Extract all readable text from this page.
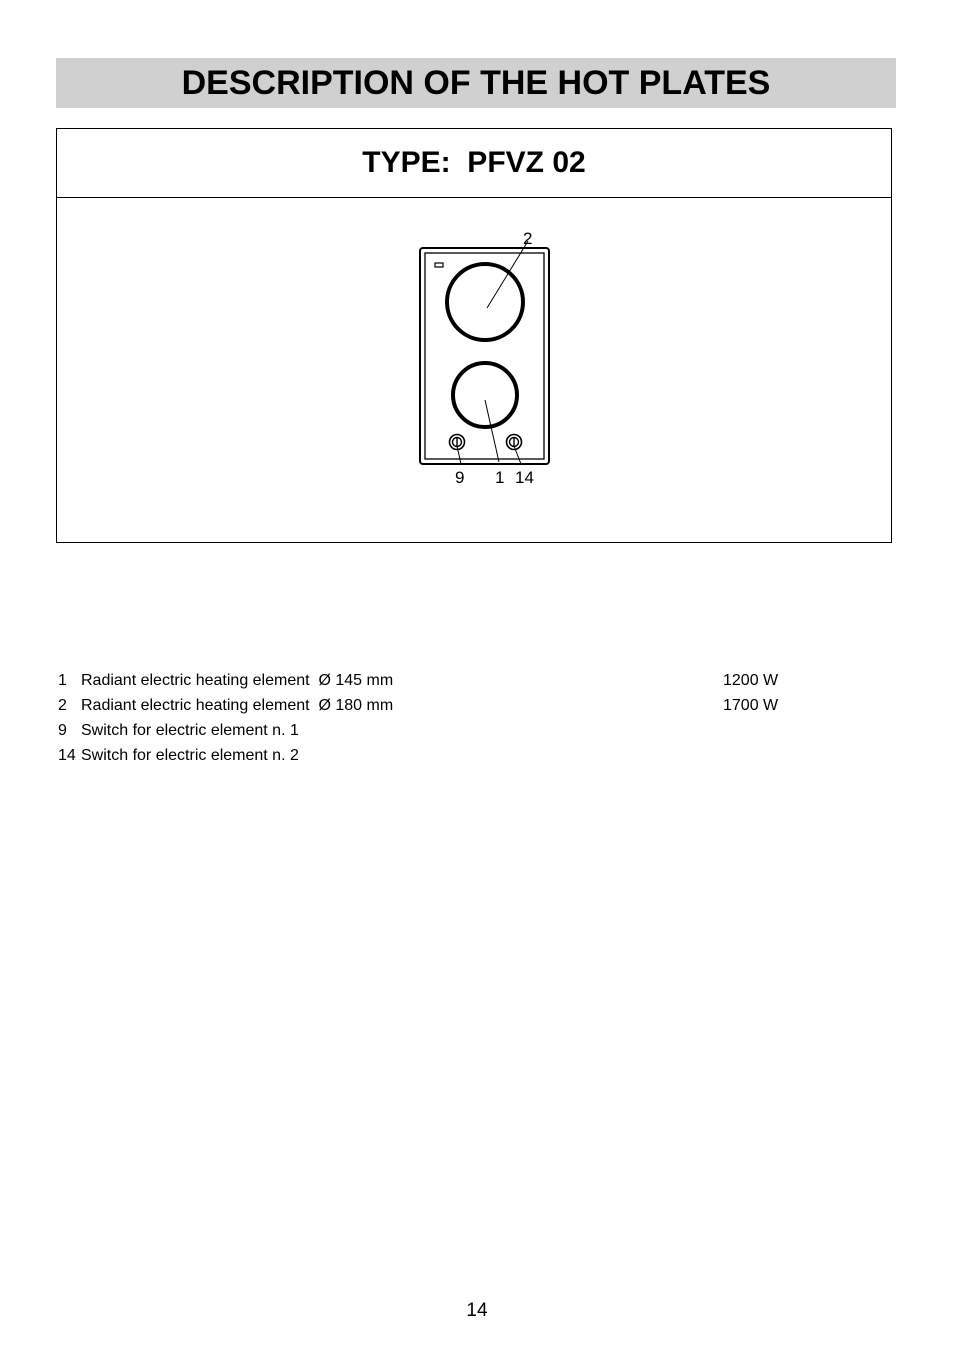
DESCRIPTION OF THE HOT PLATES
TYPE:  PFVZ 02
2
9 1 14
1 Radiant electric heating element  Ø 145 mm	1200 W
2 Radiant electric heating element  Ø 180 mm	1700 W
9 Switch for electric element n. 1
14 Switch for electric element n. 2
14
